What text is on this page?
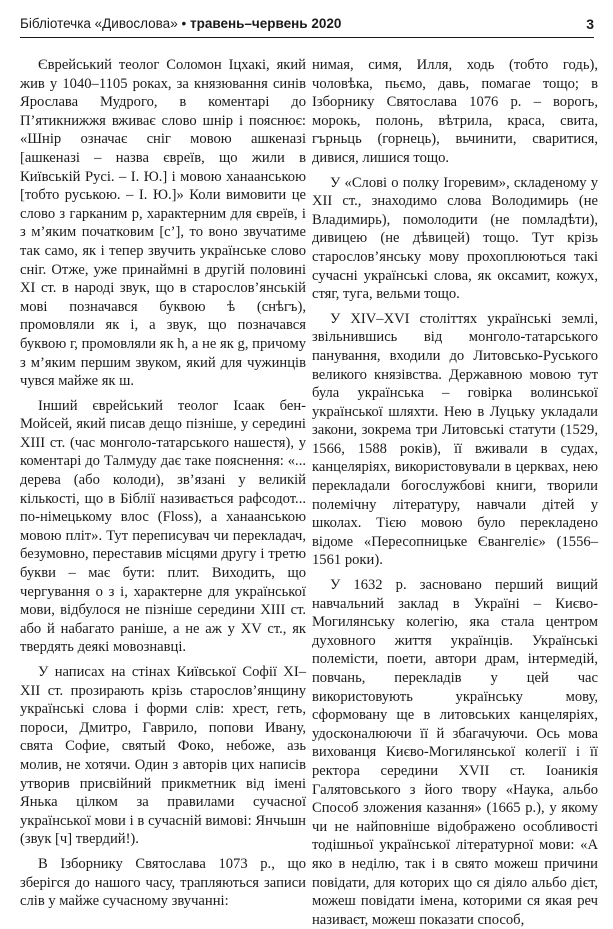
Бібліотечка «Дивослова» • травень–червень 2020	3

Єврейський теолог Соломон Іцхакі, який жив у 1040–1105 роках, за князювання синів Ярослава Мудрого, в коментарі до П’ятикнижжя вживає слово шнір і пояснює: «Шнір означає сніг мовою ашкеназі [ашкеназі – назва євреїв, що жили в Київській Русі. – І. Ю.] і мовою ханаанською [тобто руською. – І. Ю.]» Коли вимовити це слово з гарканим р, характерним для євреїв, і з м’яким початковим [с’], то воно звучатиме так само, як і тепер звучить українське слово сніг. Отже, уже принаймні в другій половині ХІ ст. в народі звук, що в старослов’янській мові позначався буквою ѣ (снѣгъ), промовляли як і, а звук, що позначався буквою г, промовляли як h, а не як g, причому з м’яким першим звуком, який для чужинців чувся майже як ш.

Інший єврейський теолог Ісаак бен-Мойсей, який писав дещо пізніше, у середині XIII ст. (час монголо-татарського нашестя), у коментарі до Талмуду дає таке пояснення: «... дерева (або колоди), зв’язані у великій кількості, що в Біблії називається рафсодот... по-німецькому влос (Floss), а ханаанською мовою пліт». Тут переписувач чи перекладач, безумовно, переставив місцями другу і третю букви – має бути: плит. Виходить, що чергування о з і, характерне для української мови, відбулося не пізніше середини XIII ст. або й набагато раніше, а не аж у XV ст., як твердять деякі мовознавці.

У написах на стінах Київської Софії XI–XII ст. прозирають крізь старослов’янщину українські слова і форми слів: хрест, геть, пороси, Дмитро, Гаврило, попови Ивану, свята Софие, святый Фоко, небоже, азь молив, не хотячи. Один з авторів цих написів утворив присвійний прикметник від імені Янька цілком за правилами сучасної української мови і в сучасній вимові: Янчьшн (звук [ч] твердий!).

В Ізборнику Святослава 1073 р., що зберігся до нашого часу, трапляються записи слів у майже сучасному звучанні:

нимая, симя, Илля, ходь (тобто годь), чоловѣка, пьємо, давь, помагае тощо; в Ізборнику Святослава 1076 р. – ворогь, морокь, полонь, вѣтрила, краса, свита, гърньць (горнець), вьчинити, сваритися, дивися, лишися тощо.

У «Слові о полку Ігоревим», складеному у XII ст., знаходимо слова Володимирь (не Владимирь), помолодити (не помладѣти), дивицею (не дѣвицей) тощо. Тут крізь старослов’янську мову прохоплюються такі сучасні українські слова, як оксамит, кожух, стяг, туга, вельми тощо.

У XIV–XVI століттях українські землі, звільнившись від монголо-татарського панування, входили до Литовсько-Руського великого князівства. Державною мовою тут була українська – говірка волинської української шляхти. Нею в Луцьку укладали закони, зокрема три Литовські статути (1529, 1566, 1588 років), її вживали в судах, канцеляріях, використовували в церквах, нею перекладали богослужбові книги, творили полемічну літературу, навчали дітей у школах. Тією мовою було перекладено відоме «Пересопницьке Євангеліє» (1556–1561 роки).

У 1632 р. засновано перший вищий навчальний заклад в Україні – Києво-Могилянську колегію, яка стала центром духовного життя українців. Українські полемісти, поети, автори драм, інтермедій, повчань, перекладів у цей час використовують українську мову, сформовану ще в литовських канцеляріях, удосконалюючи її й збагачуючи. Ось мова вихованця Києво-Могилянської колегії і її ректора середини XVII ст. Іоаникія Галятовського з його твору «Наука, альбо Способ зложения казання» (1665 р.), у якому чи не найповніше відображено особливості тодішньої української літературної мови: «А яко в неділю, так і в свято можеш причини повідати, для которих що ся діяло альбо дієт, можеш повідати імена, которими ся якая реч називаєт, можеш показати способ,
